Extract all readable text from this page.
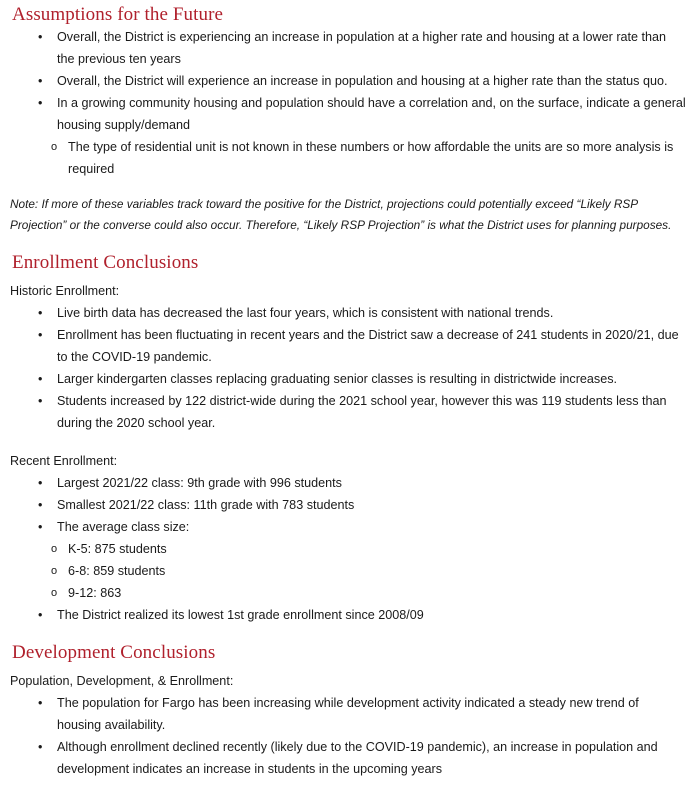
Assumptions for the Future
• Overall, the District is experiencing an increase in population at a higher rate and housing at a lower rate than the previous ten years
• Overall, the District will experience an increase in population and housing at a higher rate than the status quo.
• In a growing community housing and population should have a correlation and, on the surface, indicate a general housing supply/demand
o The type of residential unit is not known in these numbers or how affordable the units are so more analysis is required

Note: If more of these variables track toward the positive for the District, projections could potentially exceed “Likely RSP Projection” or the converse could also occur. Therefore, “Likely RSP Projection” is what the District uses for planning purposes.

Enrollment Conclusions

Historic Enrollment:

• Live birth data has decreased the last four years, which is consistent with national trends.
• Enrollment has been fluctuating in recent years and the District saw a decrease of 241 students in 2020/21, due to the COVID-19 pandemic.
• Larger kindergarten classes replacing graduating senior classes is resulting in districtwide increases.
• Students increased by 122 district-wide during the 2021 school year, however this was 119 students less than during the 2020 school year.

Recent Enrollment:

• Largest 2021/22 class: 9th grade with 996 students
• Smallest 2021/22 class: 11th grade with 783 students
• The average class size:
o K-5: 875 students
o 6-8: 859 students
o 9-12: 863
• The District realized its lowest 1st grade enrollment since 2008/09
Development Conclusions

Population, Development, & Enrollment:

• The population for Fargo has been increasing while development activity indicated a steady new trend of housing availability.
• Although enrollment declined recently (likely due to the COVID-19 pandemic), an increase in population and development indicates an increase in students in the upcoming years
